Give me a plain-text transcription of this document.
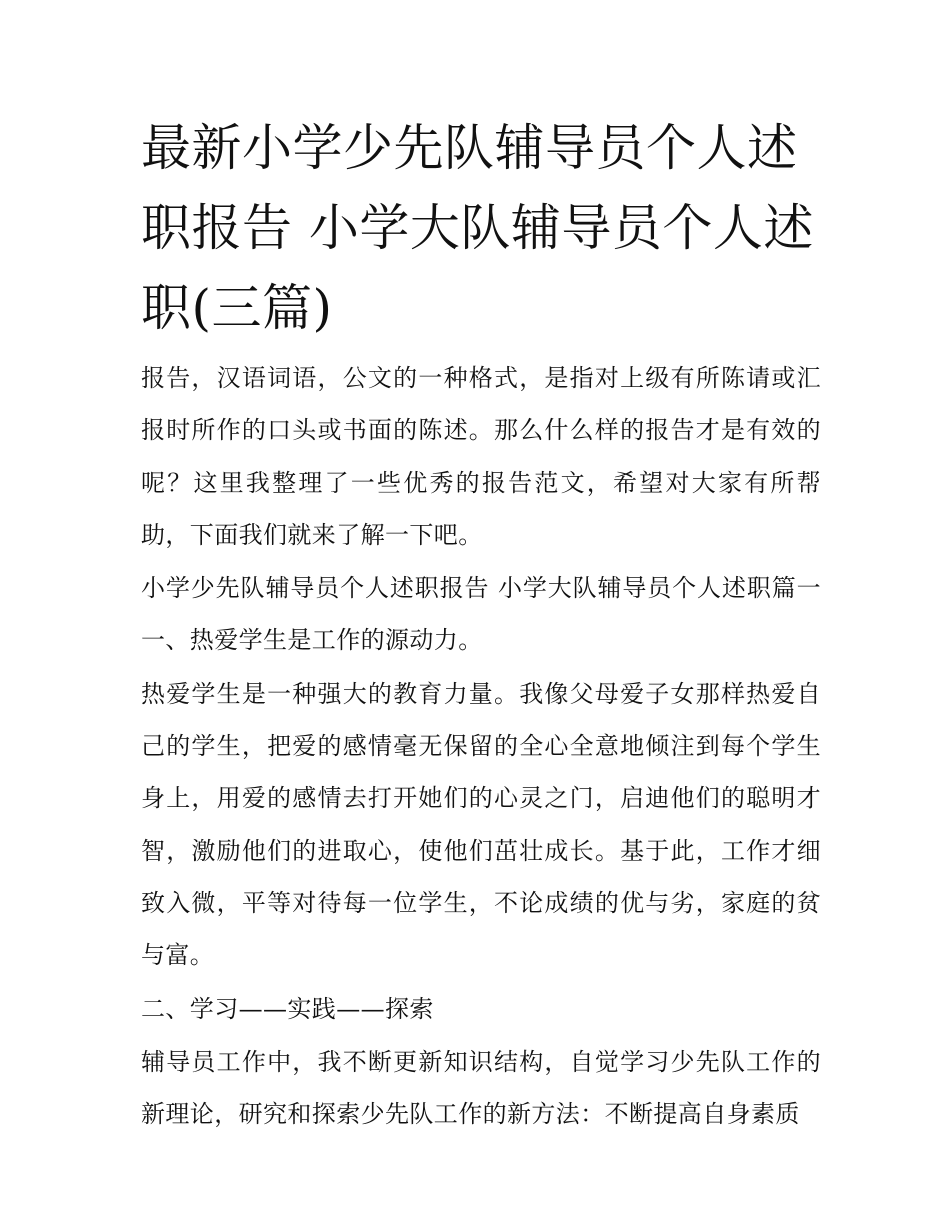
最新小学少先队辅导员个人述职报告 小学大队辅导员个人述职(三篇)

报告，汉语词语，公文的一种格式，是指对上级有所陈请或汇报时所作的口头或书面的陈述。那么什么样的报告才是有效的呢？这里我整理了一些优秀的报告范文，希望对大家有所帮助，下面我们就来了解一下吧。

小学少先队辅导员个人述职报告 小学大队辅导员个人述职篇一 一、热爱学生是工作的源动力。

热爱学生是一种强大的教育力量。我像父母爱子女那样热爱自己的学生，把爱的感情毫无保留的全心全意地倾注到每个学生身上，用爱的感情去打开她们的心灵之门，启迪他们的聪明才智，激励他们的进取心，使他们茁壮成长。基于此，工作才细致入微，平等对待每一位学生，不论成绩的优与劣，家庭的贫与富。

二、学习——实践——探索

辅导员工作中，我不断更新知识结构，自觉学习少先队工作的新理论，研究和探索少先队工作的新方法：不断提高自身素质
